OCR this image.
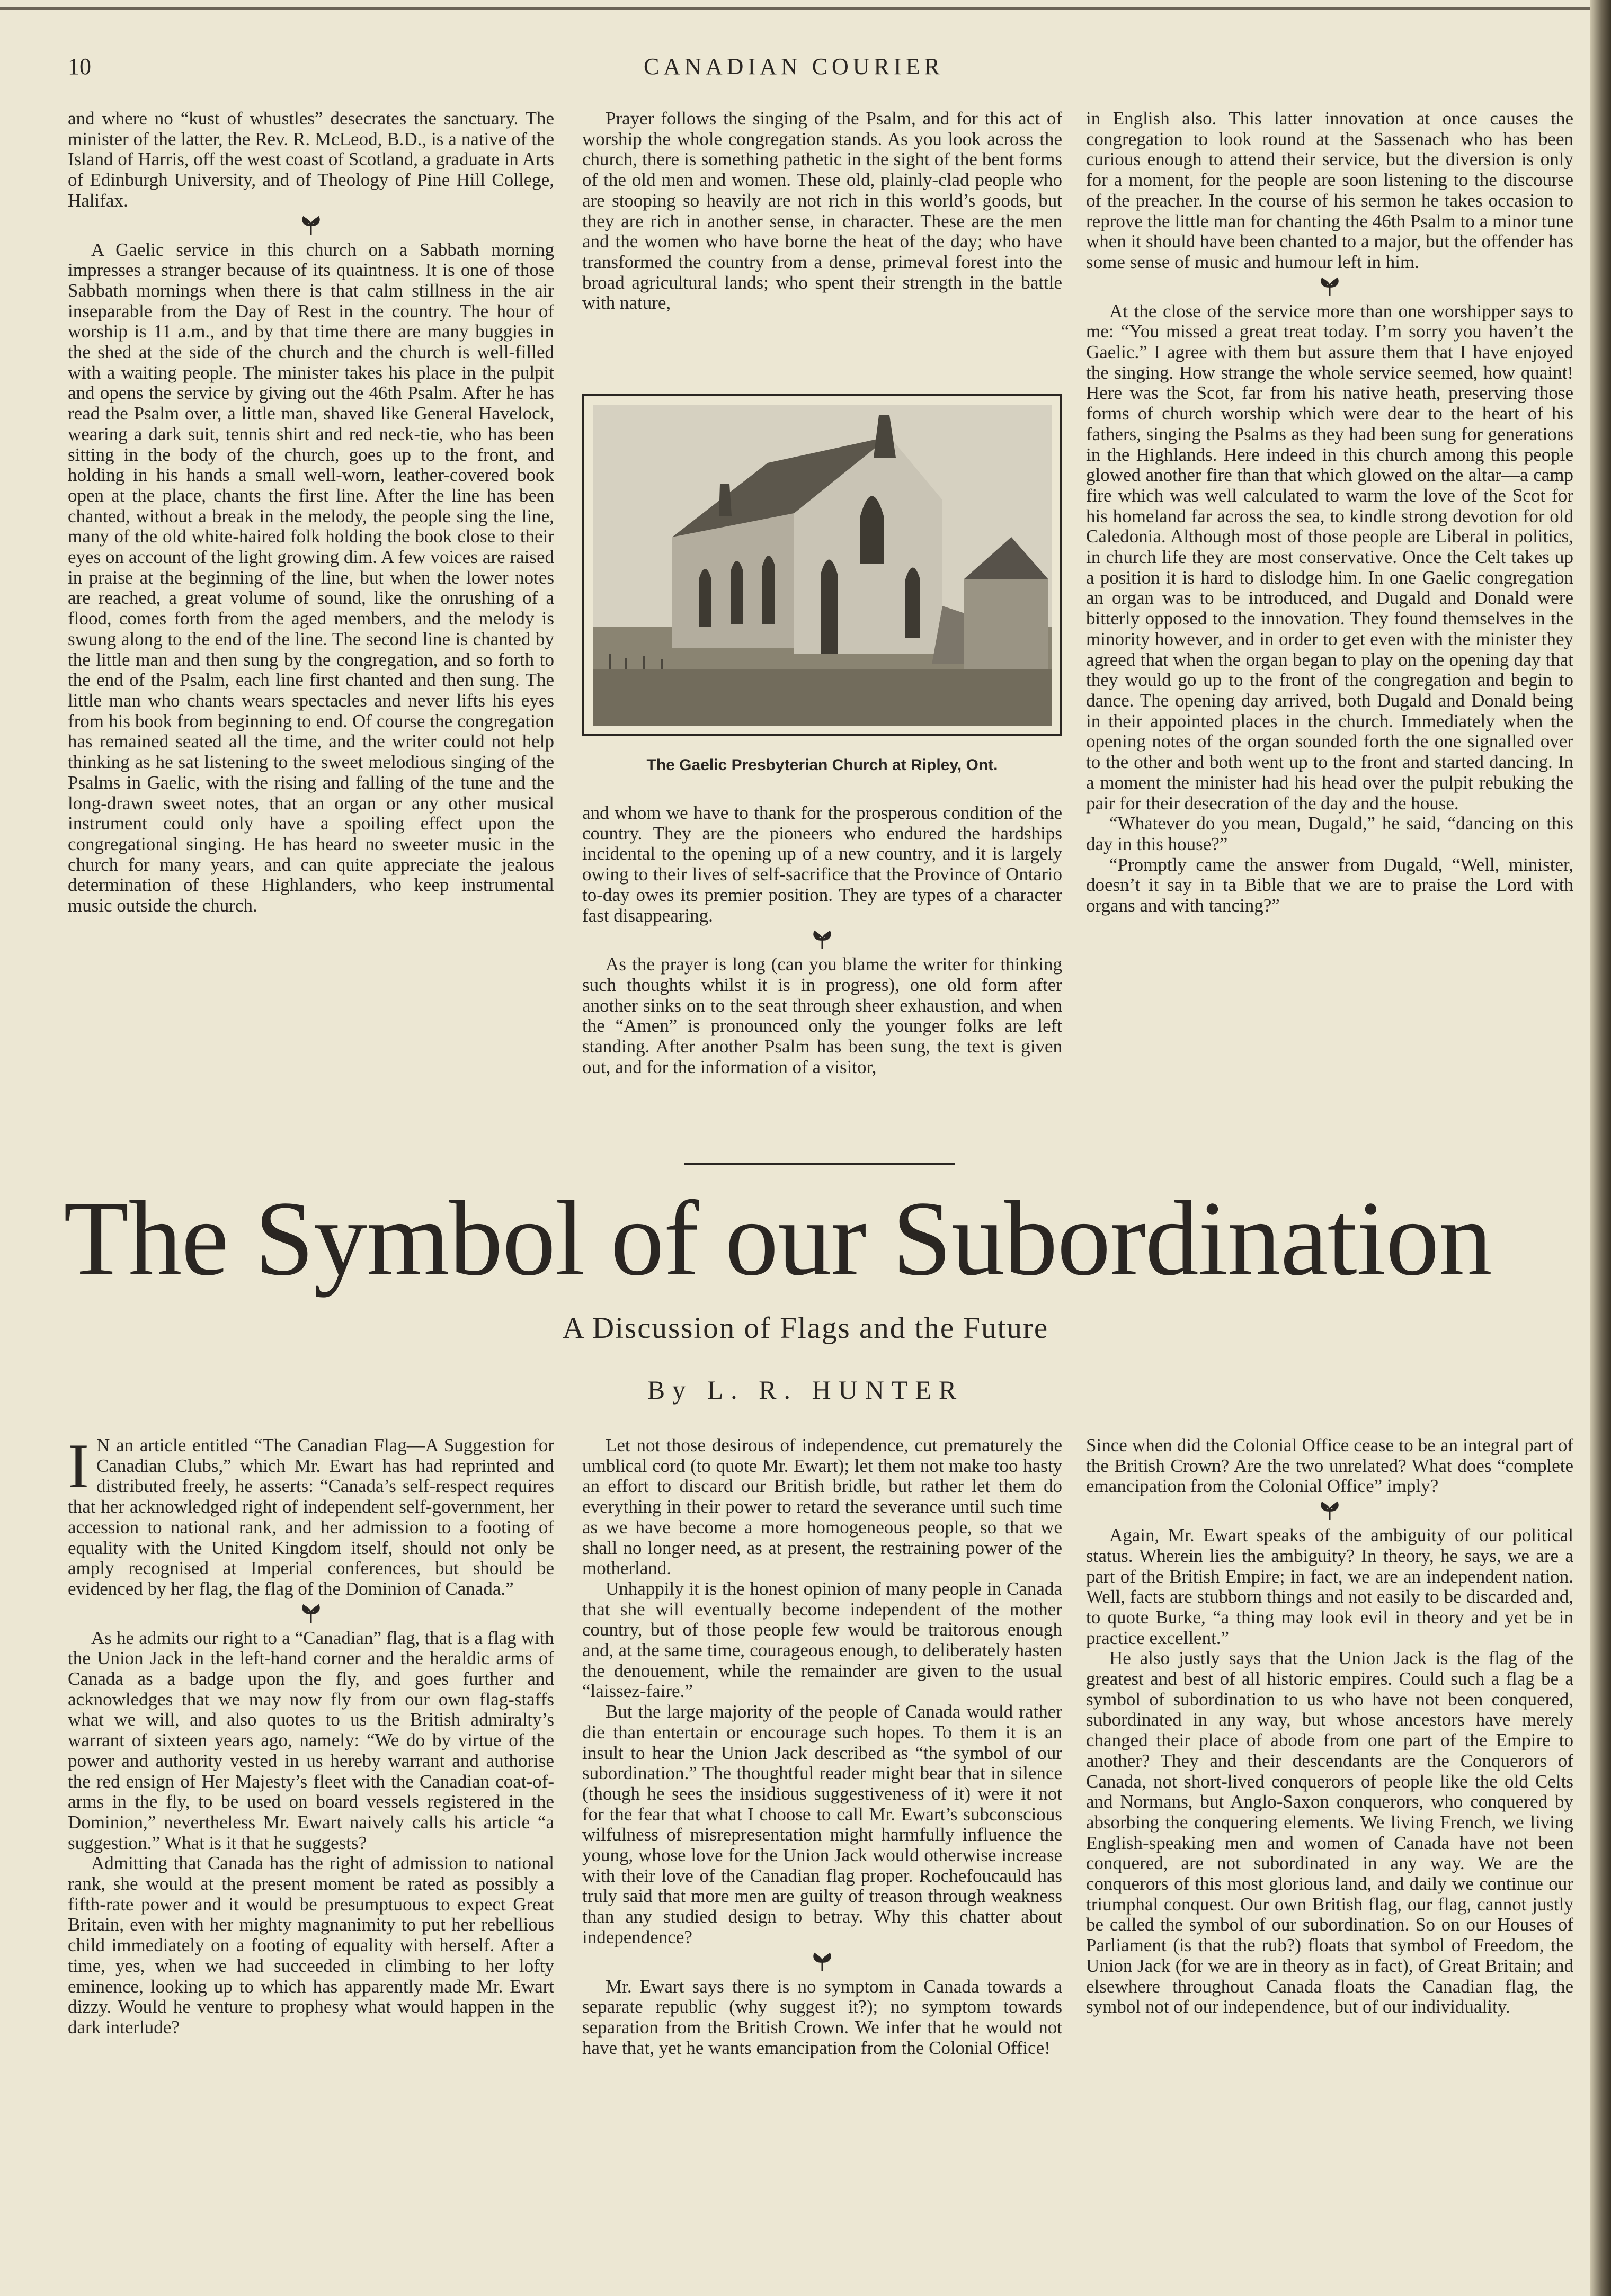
10	CANADIAN COURIER

and where no “kust of whustles” desecrates the sanctuary. The minister of the latter, the Rev. R. McLeod, B.D., is a native of the Island of Harris, off the west coast of Scotland, a graduate in Arts of Edinburgh University, and of Theology of Pine Hill College, Halifax.

A Gaelic service in this church on a Sabbath morning impresses a stranger because of its quaintness. It is one of those Sabbath mornings when there is that calm stillness in the air inseparable from the Day of Rest in the country. The hour of worship is 11 a.m., and by that time there are many buggies in the shed at the side of the church and the church is well-filled with a waiting people. The minister takes his place in the pulpit and opens the service by giving out the 46th Psalm. After he has read the Psalm over, a little man, shaved like General Havelock, wearing a dark suit, tennis shirt and red neck-tie, who has been sitting in the body of the church, goes up to the front, and holding in his hands a small well-worn, leather-covered book open at the place, chants the first line. After the line has been chanted, without a break in the melody, the people sing the line, many of the old white-haired folk holding the book close to their eyes on account of the light growing dim. A few voices are raised in praise at the beginning of the line, but when the lower notes are reached, a great volume of sound, like the onrushing of a flood, comes forth from the aged members, and the melody is swung along to the end of the line. The second line is chanted by the little man and then sung by the congregation, and so forth to the end of the Psalm, each line first chanted and then sung. The little man who chants wears spectacles and never lifts his eyes from his book from beginning to end. Of course the congregation has remained seated all the time, and the writer could not help thinking as he sat listening to the sweet melodious singing of the Psalms in Gaelic, with the rising and falling of the tune and the long-drawn sweet notes, that an organ or any other musical instrument could only have a spoiling effect upon the congregational singing. He has heard no sweeter music in the church for many years, and can quite appreciate the jealous determination of these Highlanders, who keep instrumental music outside the church.

Prayer follows the singing of the Psalm, and for this act of worship the whole congregation stands. As you look across the church, there is something pathetic in the sight of the bent forms of the old men and women. These old, plainly-clad people who are stooping so heavily are not rich in this world’s goods, but they are rich in another sense, in character. These are the men and the women who have borne the heat of the day; who have transformed the country from a dense, primeval forest into the broad agricultural lands; who spent their strength in the battle with nature,

The Gaelic Presbyterian Church at Ripley, Ont.

and whom we have to thank for the prosperous condition of the country. They are the pioneers who endured the hardships incidental to the opening up of a new country, and it is largely owing to their lives of self-sacrifice that the Province of Ontario to-day owes its premier position. They are types of a character fast disappearing.

As the prayer is long (can you blame the writer for thinking such thoughts whilst it is in progress), one old form after another sinks on to the seat through sheer exhaustion, and when the “Amen” is pronounced only the younger folks are left standing. After another Psalm has been sung, the text is given out, and for the information of a visitor,

in English also. This latter innovation at once causes the congregation to look round at the Sassenach who has been curious enough to attend their service, but the diversion is only for a moment, for the people are soon listening to the discourse of the preacher. In the course of his sermon he takes occasion to reprove the little man for chanting the 46th Psalm to a minor tune when it should have been chanted to a major, but the offender has some sense of music and humour left in him.

At the close of the service more than one worshipper says to me: “You missed a great treat today. I’m sorry you haven’t the Gaelic.” I agree with them but assure them that I have enjoyed the singing. How strange the whole service seemed, how quaint! Here was the Scot, far from his native heath, preserving those forms of church worship which were dear to the heart of his fathers, singing the Psalms as they had been sung for generations in the Highlands. Here indeed in this church among this people glowed another fire than that which glowed on the altar—a camp fire which was well calculated to warm the love of the Scot for his homeland far across the sea, to kindle strong devotion for old Caledonia. Although most of those people are Liberal in politics, in church life they are most conservative. Once the Celt takes up a position it is hard to dislodge him. In one Gaelic congregation an organ was to be introduced, and Dugald and Donald were bitterly opposed to the innovation. They found themselves in the minority however, and in order to get even with the minister they agreed that when the organ began to play on the opening day that they would go up to the front of the congregation and begin to dance. The opening day arrived, both Dugald and Donald being in their appointed places in the church. Immediately when the opening notes of the organ sounded forth the one signalled over to the other and both went up to the front and started dancing. In a moment the minister had his head over the pulpit rebuking the pair for their desecration of the day and the house.

“Whatever do you mean, Dugald,” he said, “dancing on this day in this house?”

“Promptly came the answer from Dugald, “Well, minister, doesn’t it say in ta Bible that we are to praise the Lord with organs and with tancing?”

The Symbol of our Subordination
A Discussion of Flags and the Future
By L. R. HUNTER

I N an article entitled “The Canadian Flag—A Suggestion for Canadian Clubs,” which Mr. Ewart has had reprinted and distributed freely, he asserts: “Canada’s self-respect requires that her acknowledged right of independent self-government, her accession to national rank, and her admission to a footing of equality with the United Kingdom itself, should not only be amply recognised at Imperial conferences, but should be evidenced by her flag, the flag of the Dominion of Canada.”

As he admits our right to a “Canadian” flag, that is a flag with the Union Jack in the left-hand corner and the heraldic arms of Canada as a badge upon the fly, and goes further and acknowledges that we may now fly from our own flag-staffs what we will, and also quotes to us the British admiralty’s warrant of sixteen years ago, namely: “We do by virtue of the power and authority vested in us hereby warrant and authorise the red ensign of Her Majesty’s fleet with the Canadian coat-of-arms in the fly, to be used on board vessels registered in the Dominion,” nevertheless Mr. Ewart naively calls his article “a suggestion.” What is it that he suggests?

Admitting that Canada has the right of admission to national rank, she would at the present moment be rated as possibly a fifth-rate power and it would be presumptuous to expect Great Britain, even with her mighty magnanimity to put her rebellious child immediately on a footing of equality with herself. After a time, yes, when we had succeeded in climbing to her lofty eminence, looking up to which has apparently made Mr. Ewart dizzy. Would he venture to prophesy what would happen in the dark interlude?

Let not those desirous of independence, cut prematurely the umblical cord (to quote Mr. Ewart); let them not make too hasty an effort to discard our British bridle, but rather let them do everything in their power to retard the severance until such time as we have become a more homogeneous people, so that we shall no longer need, as at present, the restraining power of the motherland.

Unhappily it is the honest opinion of many people in Canada that she will eventually become independent of the mother country, but of those people few would be traitorous enough and, at the same time, courageous enough, to deliberately hasten the denouement, while the remainder are given to the usual “laissez-faire.”

But the large majority of the people of Canada would rather die than entertain or encourage such hopes. To them it is an insult to hear the Union Jack described as “the symbol of our subordination.” The thoughtful reader might bear that in silence (though he sees the insidious suggestiveness of it) were it not for the fear that what I choose to call Mr. Ewart’s subconscious wilfulness of misrepresentation might harmfully influence the young, whose love for the Union Jack would otherwise increase with their love of the Canadian flag proper. Rochefoucauld has truly said that more men are guilty of treason through weakness than any studied design to betray. Why this chatter about independence?

Mr. Ewart says there is no symptom in Canada towards a separate republic (why suggest it?); no symptom towards separation from the British Crown. We infer that he would not have that, yet he wants emancipation from the Colonial Office!

Since when did the Colonial Office cease to be an integral part of the British Crown? Are the two unrelated? What does “complete emancipation from the Colonial Office” imply?

Again, Mr. Ewart speaks of the ambiguity of our political status. Wherein lies the ambiguity? In theory, he says, we are a part of the British Empire; in fact, we are an independent nation. Well, facts are stubborn things and not easily to be discarded and, to quote Burke, “a thing may look evil in theory and yet be in practice excellent.”

He also justly says that the Union Jack is the flag of the greatest and best of all historic empires. Could such a flag be a symbol of subordination to us who have not been conquered, subordinated in any way, but whose ancestors have merely changed their place of abode from one part of the Empire to another? They and their descendants are the Conquerors of Canada, not short-lived conquerors of people like the old Celts and Normans, but Anglo-Saxon conquerors, who conquered by absorbing the conquering elements. We living French, we living English-speaking men and women of Canada have not been conquered, are not subordinated in any way. We are the conquerors of this most glorious land, and daily we continue our triumphal conquest. Our own British flag, our flag, cannot justly be called the symbol of our subordination. So on our Houses of Parliament (is that the rub?) floats that symbol of Freedom, the Union Jack (for we are in theory as in fact), of Great Britain; and elsewhere throughout Canada floats the Canadian flag, the symbol not of our independence, but of our individuality.
